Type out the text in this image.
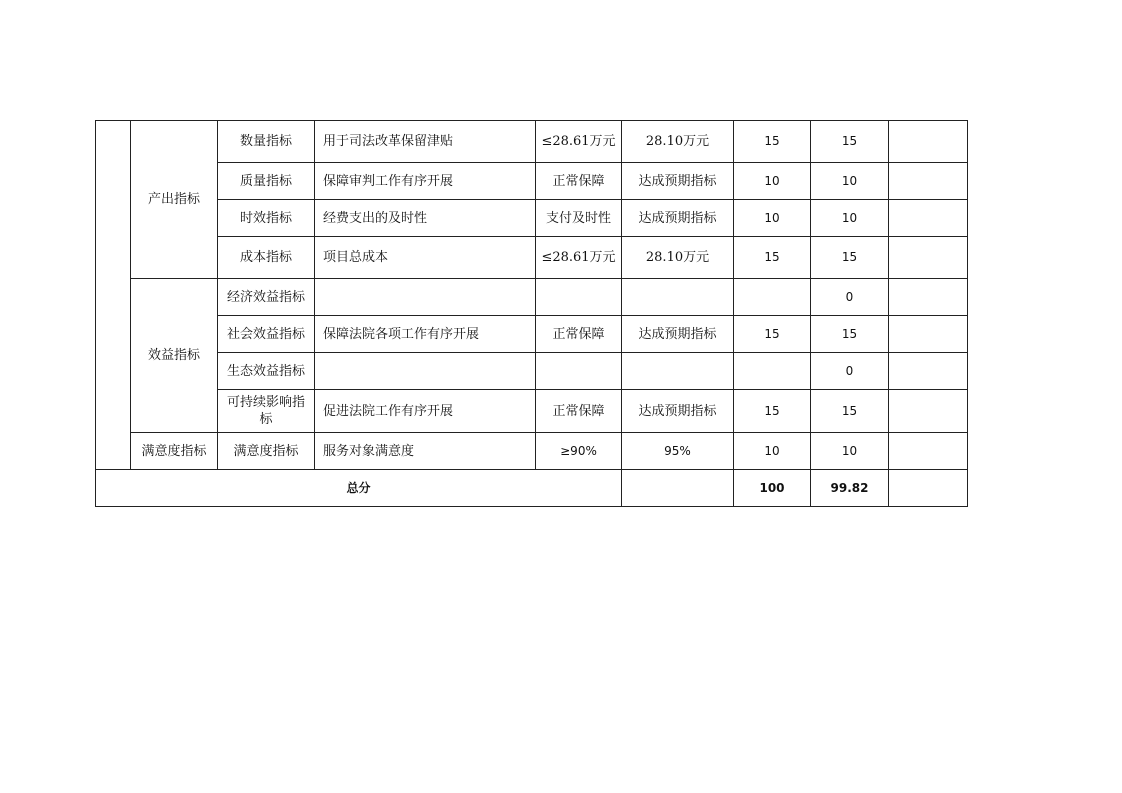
	产出指标	数量指标	用于司法改革保留津贴	≤28.61万元	28.10万元	15	15	
		质量指标	保障审判工作有序开展	正常保障	达成预期指标	10	10	
		时效指标	经费支出的及时性	支付及时性	达成预期指标	10	10	
		成本指标	项目总成本	≤28.61万元	28.10万元	15	15	
	效益指标	经济效益指标					0	
		社会效益指标	保障法院各项工作有序开展	正常保障	达成预期指标	15	15	
		生态效益指标					0	
		可持续影响指标	促进法院工作有序开展	正常保障	达成预期指标	15	15	
	满意度指标	满意度指标	服务对象满意度	≥90%	95%	10	10	
总分						100	99.82	
